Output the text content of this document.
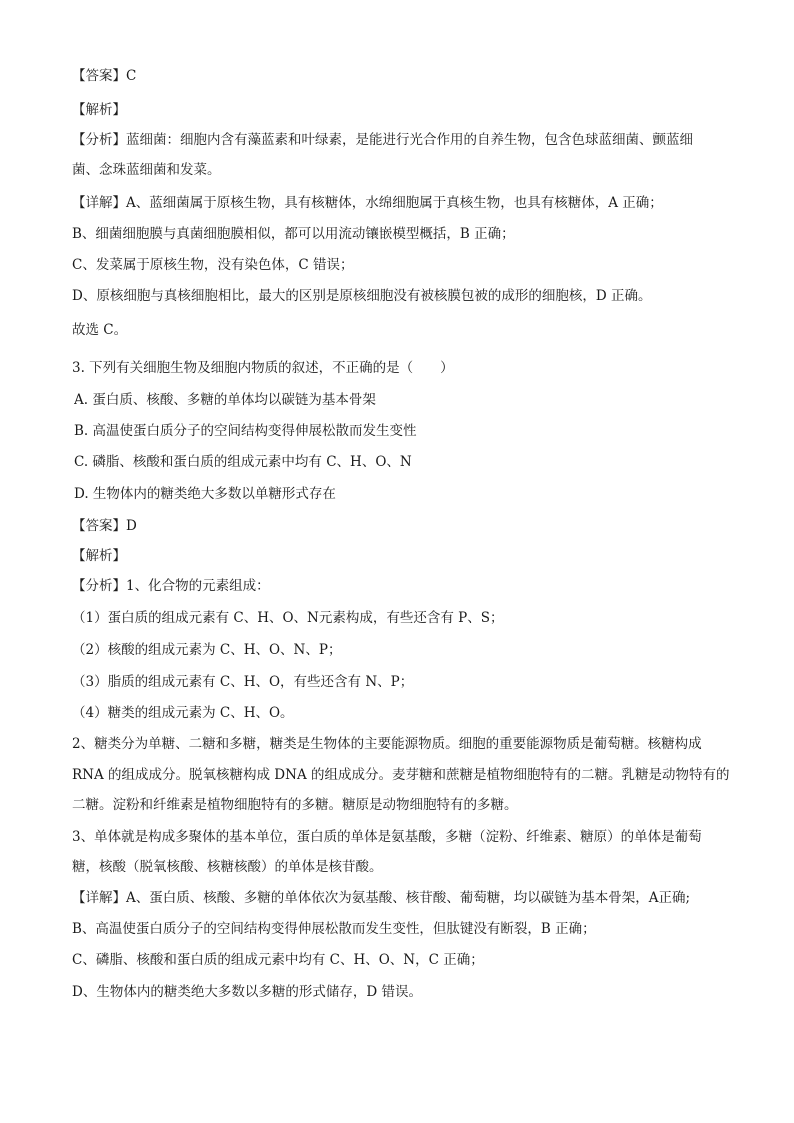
【答案】C
【解析】
【分析】蓝细菌：细胞内含有藻蓝素和叶绿素，是能进行光合作用的自养生物，包含色球蓝细菌、颤蓝细
菌、念珠蓝细菌和发菜。
【详解】A、蓝细菌属于原核生物，具有核糖体，水绵细胞属于真核生物，也具有核糖体，A 正确；
B、细菌细胞膜与真菌细胞膜相似，都可以用流动镶嵌模型概括，B 正确；
C、发菜属于原核生物，没有染色体，C 错误；
D、原核细胞与真核细胞相比，最大的区别是原核细胞没有被核膜包被的成形的细胞核，D 正确。
故选 C。
3. 下列有关细胞生物及细胞内物质的叙述，不正确的是（　　）
A. 蛋白质、核酸、多糖的单体均以碳链为基本骨架
B. 高温使蛋白质分子的空间结构变得伸展松散而发生变性
C. 磷脂、核酸和蛋白质的组成元素中均有 C、H、O、N
D. 生物体内的糖类绝大多数以单糖形式存在
【答案】D
【解析】
【分析】1、化合物的元素组成：
（1）蛋白质的组成元素有 C、H、O、N元素构成，有些还含有 P、S；
（2）核酸的组成元素为 C、H、O、N、P；
（3）脂质的组成元素有 C、H、O，有些还含有 N、P；
（4）糖类的组成元素为 C、H、O。
2、糖类分为单糖、二糖和多糖，糖类是生物体的主要能源物质。细胞的重要能源物质是葡萄糖。核糖构成
RNA 的组成成分。脱氧核糖构成 DNA 的组成成分。麦芽糖和蔗糖是植物细胞特有的二糖。乳糖是动物特有的
二糖。淀粉和纤维素是植物细胞特有的多糖。糖原是动物细胞特有的多糖。
3、单体就是构成多聚体的基本单位，蛋白质的单体是氨基酸，多糖（淀粉、纤维素、糖原）的单体是葡萄
糖，核酸（脱氧核酸、核糖核酸）的单体是核苷酸。
【详解】A、蛋白质、核酸、多糖的单体依次为氨基酸、核苷酸、葡萄糖，均以碳链为基本骨架，A正确;
B、高温使蛋白质分子的空间结构变得伸展松散而发生变性，但肽键没有断裂，B 正确；
C、磷脂、核酸和蛋白质的组成元素中均有 C、H、O、N，C 正确；
D、生物体内的糖类绝大多数以多糖的形式储存，D 错误。
